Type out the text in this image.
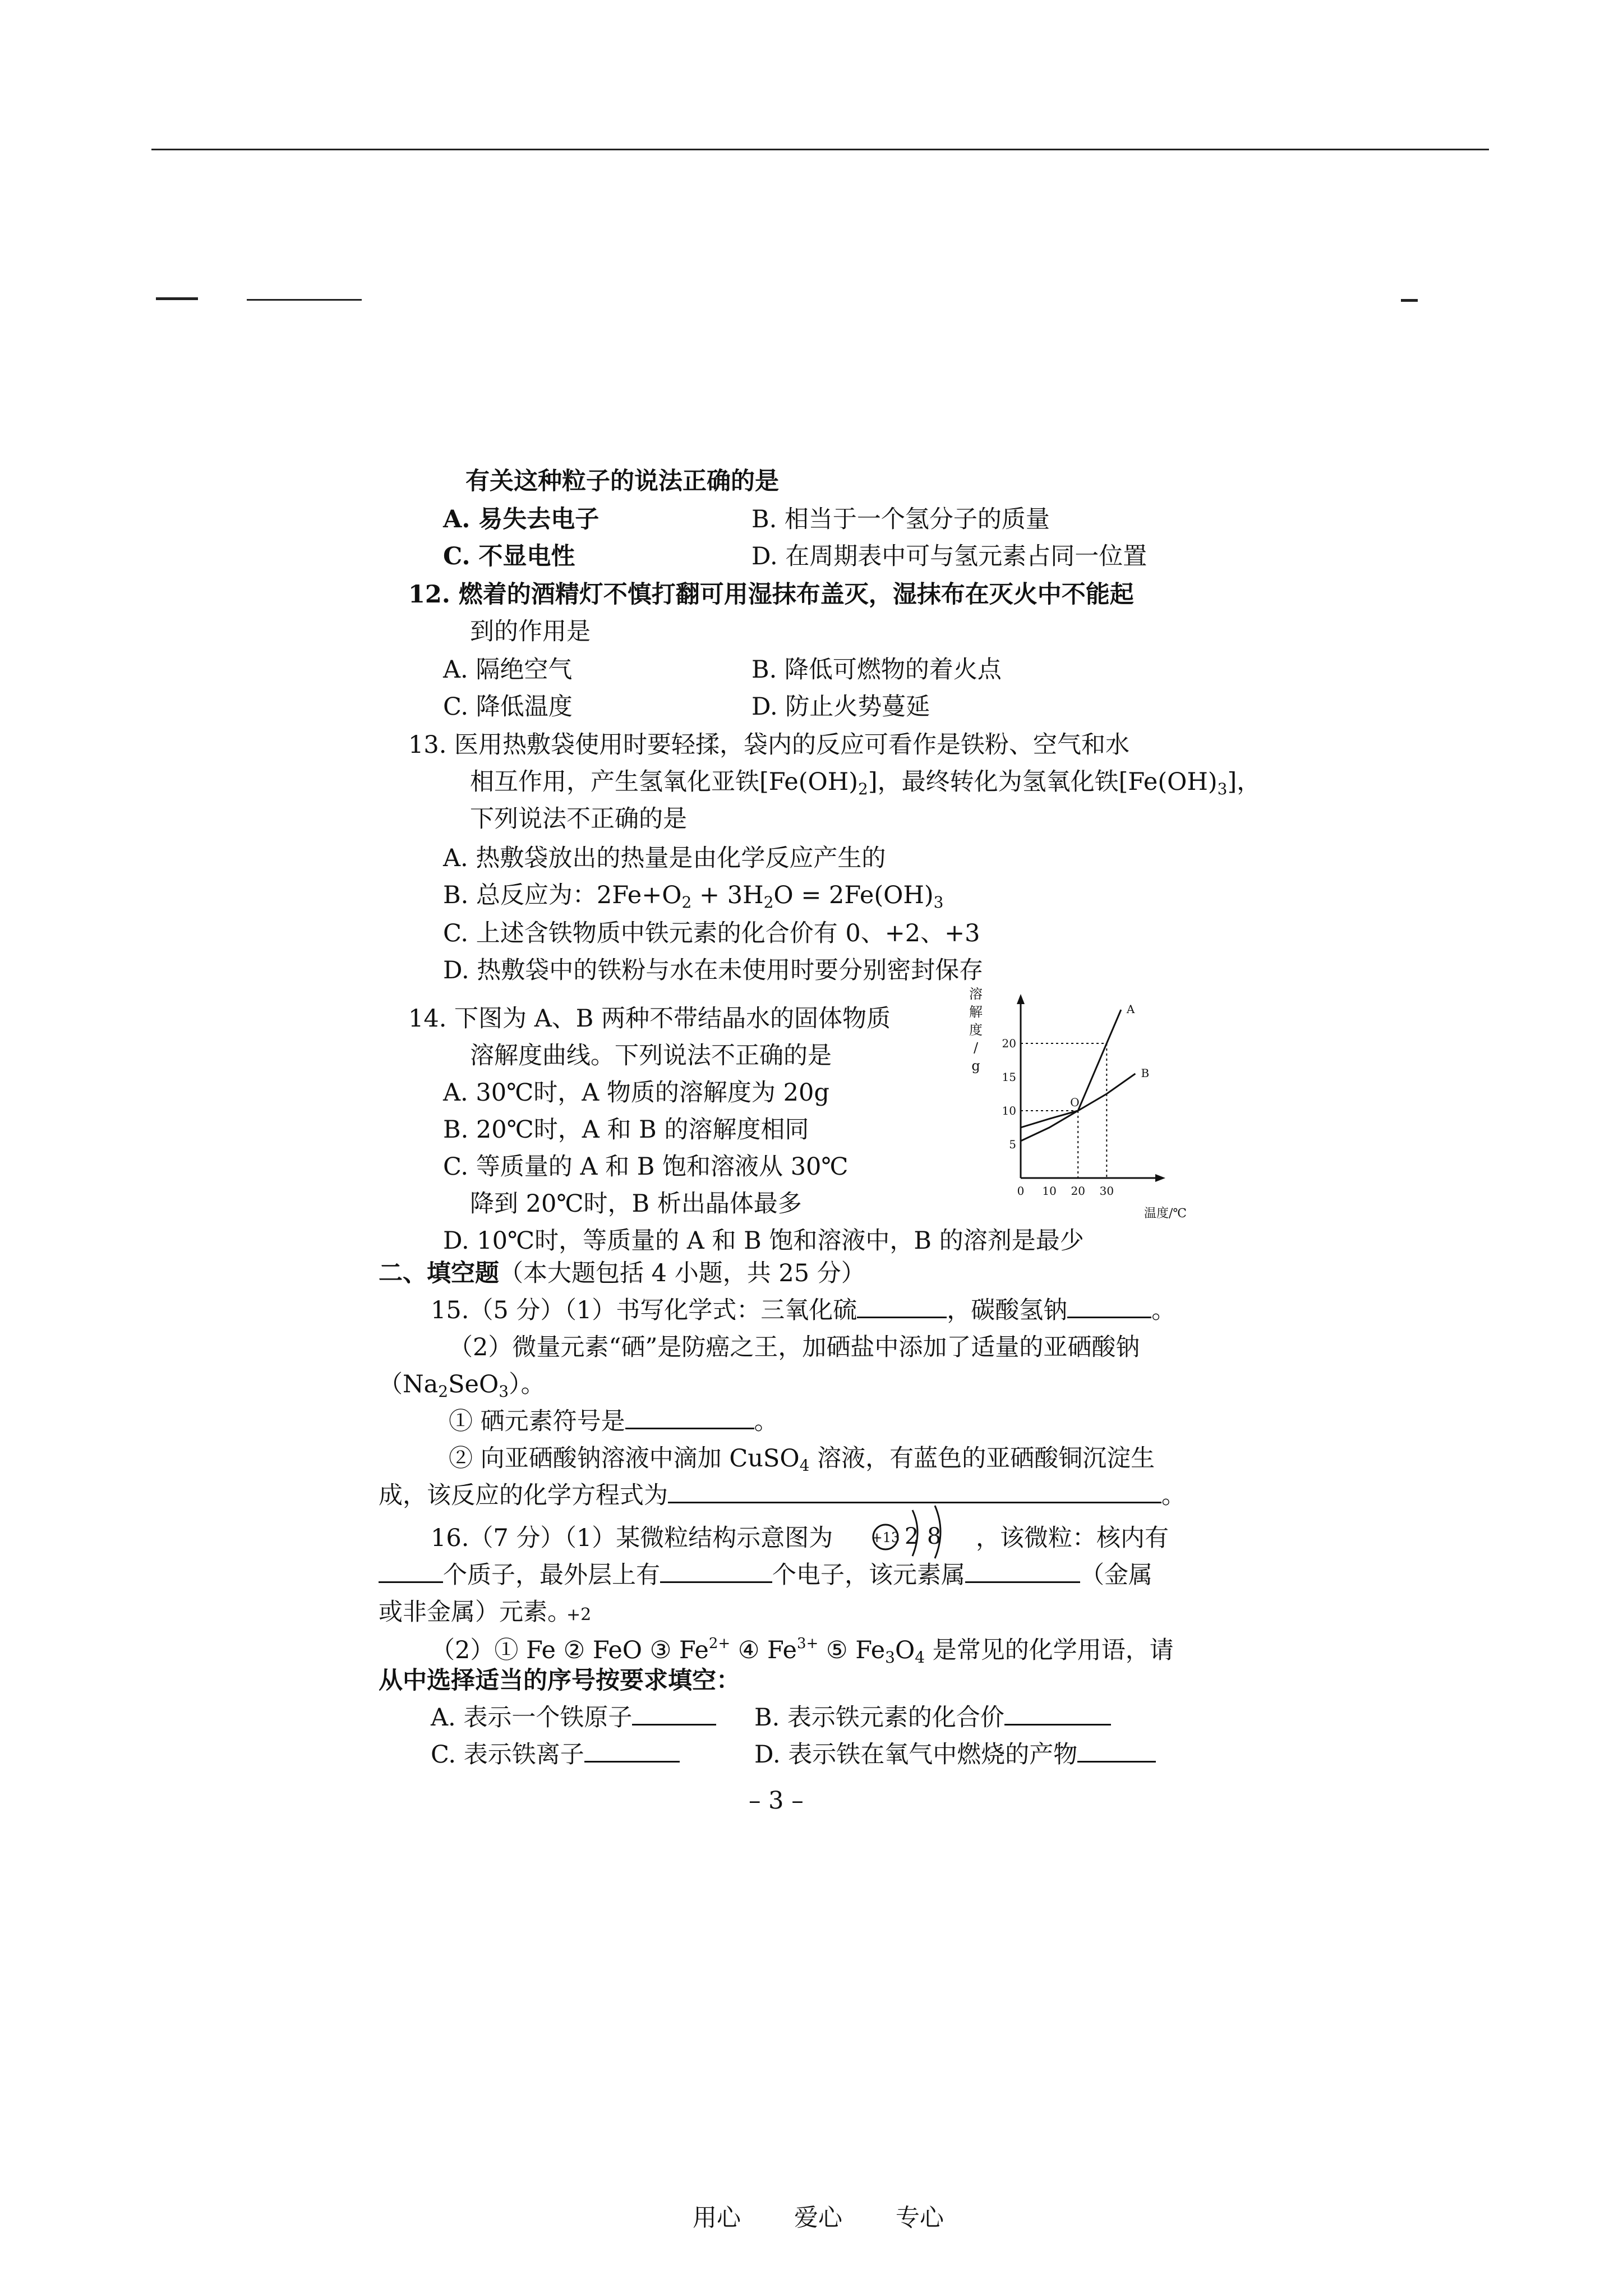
有关这种粒子的说法正确的是
A. 易失去电子	B. 相当于一个氢分子的质量
C. 不显电性	D. 在周期表中可与氢元素占同一位置
12. 燃着的酒精灯不慎打翻可用湿抹布盖灭，湿抹布在灭火中不能起
到的作用是
A. 隔绝空气	B. 降低可燃物的着火点
C. 降低温度	D. 防止火势蔓延
13. 医用热敷袋使用时要轻揉，袋内的反应可看作是铁粉、空气和水
相互作用，产生氢氧化亚铁$[Fe(OH)_2]$，最终转化为氢氧化铁$[Fe(OH)_3]$，
下列说法不正确的是
A. 热敷袋放出的热量是由化学反应产生的
B. 总反应为：$2Fe+O_2 + 3H_2O = 2Fe(OH)_3$
C. 上述含铁物质中铁元素的化合价有 0、+2、+3
D. 热敷袋中的铁粉与水在未使用时要分别密封保存
14. 下图为 A、B 两种不带结晶水的固体物质
溶解度曲线。下列说法不正确的是
A. 30℃时，A 物质的溶解度为 20g
B. 20℃时，A 和 B 的溶解度相同
C. 等质量的 A 和 B 饱和溶液从 30℃
降到 20℃时，B 析出晶体最多
D. 10℃时，等质量的 A 和 B 饱和溶液中，B 的溶剂是最少
0 10 20 30
5
10
15
20
A
B
O
温度/℃
溶
解
度
/
g
二、填空题（本大题包括 4 小题，共 25 分）
15.（5 分）（1）书写化学式：三氧化硫	，碳酸氢钠	。
（2）微量元素“硒”是防癌之王，加硒盐中添加了适量的亚硒酸钠
$(Na_2SeO_3)$。
① 硒元素符号是	。
② 向亚硒酸钠溶液中滴加 CuSO$_4$ 溶液，有蓝色的亚硒酸铜沉淀生
成，该反应的化学方程式为	。
16.（7 分）（1）某微粒结构示意图为	+13 2 8 ，该微粒：核内有
个质子，最外层上有	个电子，该元素属	（金属
或非金属）元素。
+2
（2）① Fe ② FeO ③ $Fe^{2+}$ ④ $Fe^{3+}$ ⑤ $Fe_3O_4$ 是常见的化学用语，请
从中选择适当的序号按要求填空：
A. 表示一个铁原子	B. 表示铁元素的化合价
C. 表示铁离子	D. 表示铁在氧气中燃烧的产物
– 3 –
用心 爱心 专心
